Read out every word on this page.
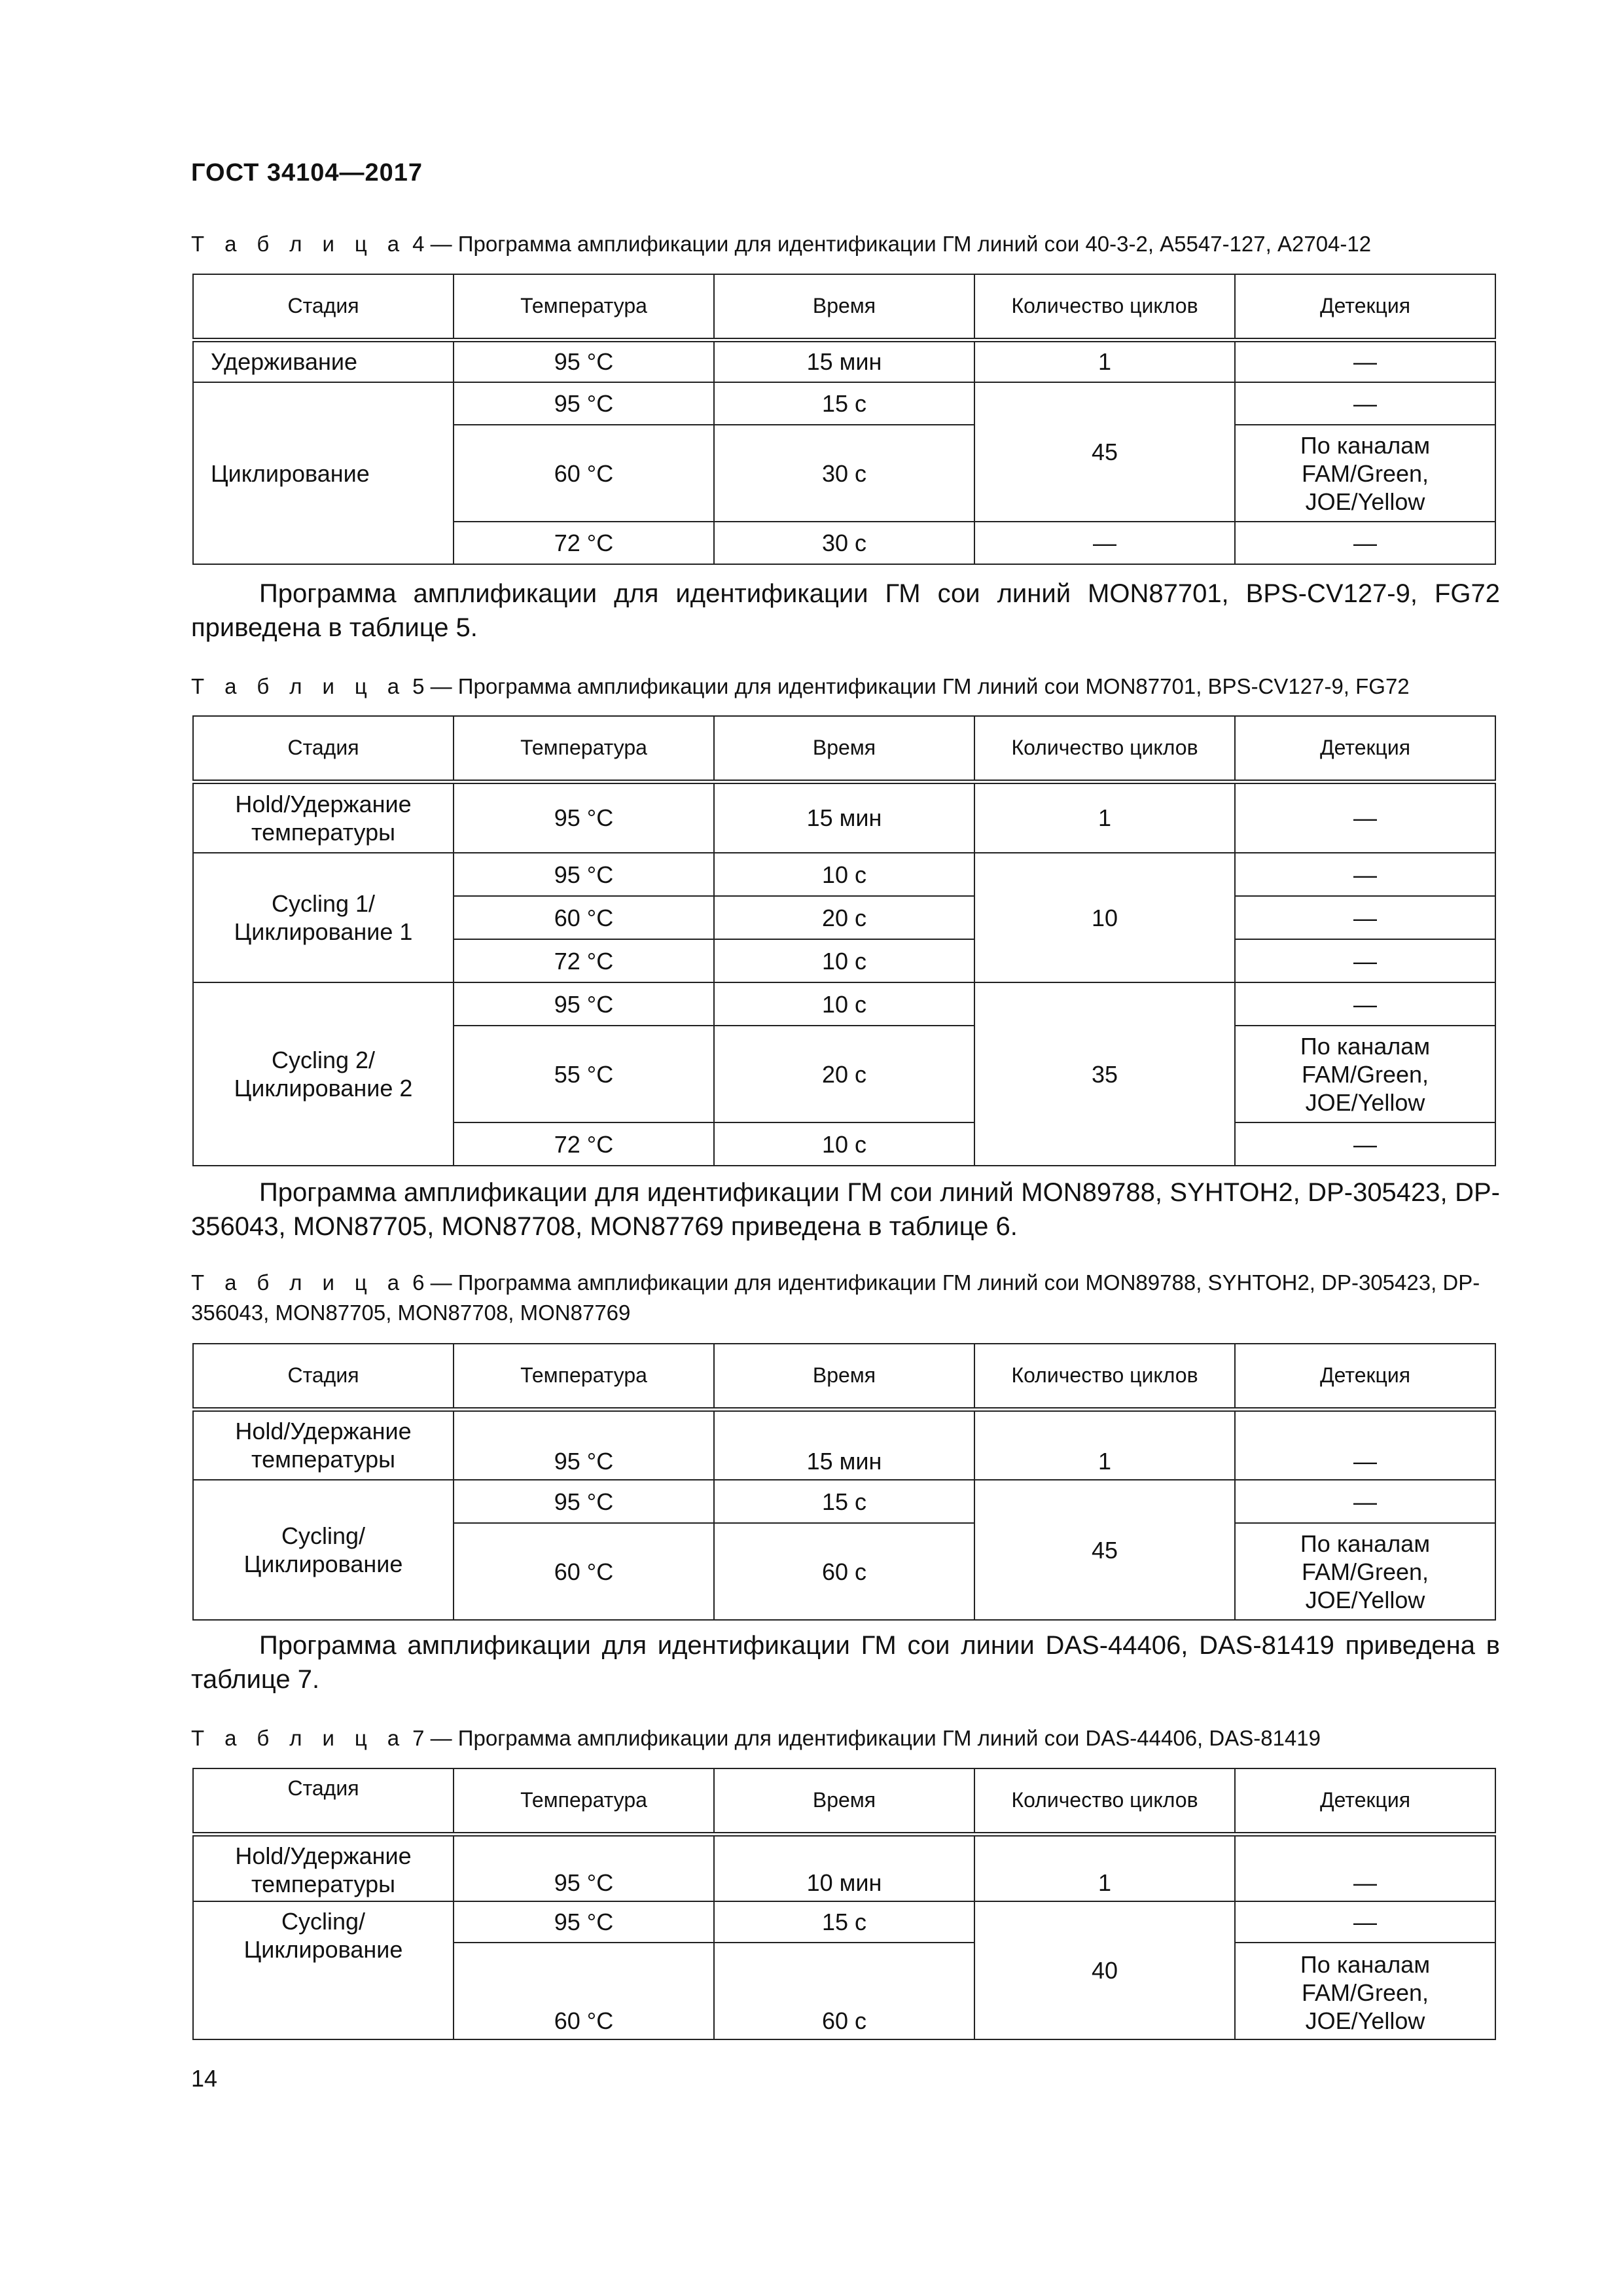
ГОСТ 34104—2017

Т а б л и ц а 4 — Программа амплификации для идентификации ГМ линий сои 40-3-2, А5547-127, А2704-12

Стадия	Температура	Время	Количество циклов	Детекция
Удерживание	95 °С	15 мин	1	—
Циклирование	95 °С	15 с	45	—
	60 °С	30 с		По каналам FAM/Green, JOE/Yellow
	72 °С	30 с	—	—

Программа амплификации для идентификации ГМ сои линий MON87701, BPS-CV127-9, FG72 приведена в таблице 5.

Т а б л и ц а 5 — Программа амплификации для идентификации ГМ линий сои MON87701, BPS-CV127-9, FG72

Стадия	Температура	Время	Количество циклов	Детекция
Hold/Удержание температуры	95 °С	15 мин	1	—
Cycling 1/ Циклирование 1	95 °С	10 с	10	—
	60 °С	20 с		—
	72 °С	10 с		—
Cycling 2/ Циклирование 2	95 °С	10 с	35	—
	55 °С	20 с		По каналам FAM/Green, JOE/Yellow
	72 °С	10 с		—

Программа амплификации для идентификации ГМ сои линий MON89788, SYHTOH2, DP-305423, DP-356043, MON87705, MON87708, MON87769 приведена в таблице 6.

Т а б л и ц а 6 — Программа амплификации для идентификации ГМ линий сои MON89788, SYHTOH2, DP-305423, DP-356043, MON87705, MON87708, MON87769

Стадия	Температура	Время	Количество циклов	Детекция
Hold/Удержание температуры	95 °С	15 мин	1	—
Cycling/ Циклирование	95 °С	15 с	45	—
	60 °С	60 с		По каналам FAM/Green, JOE/Yellow

Программа амплификации для идентификации ГМ сои линии DAS-44406, DAS-81419 приведена в таблице 7.

Т а б л и ц а 7 — Программа амплификации для идентификации ГМ линий сои DAS-44406, DAS-81419

Стадия	Температура	Время	Количество циклов	Детекция
Hold/Удержание температуры	95 °С	10 мин	1	—
Cycling/ Циклирование	95 °С	15 с	40	—
	60 °С	60 с		По каналам FAM/Green, JOE/Yellow
14
